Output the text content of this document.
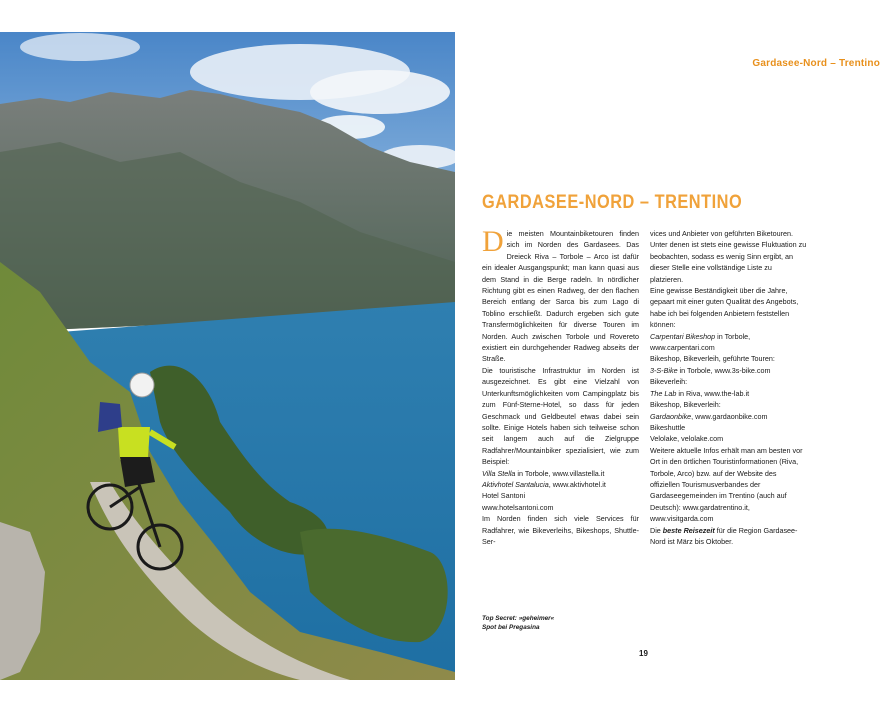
Gardasee-Nord – Trentino
GARDASEE-NORD – TRENTINO

Die meisten Mountainbiketouren finden sich im Norden des Gardasees. Das Dreieck Riva – Torbole – Arco ist dafür ein idealer Ausgangspunkt; man kann quasi aus dem Stand in die Berge radeln. In nördlicher Richtung gibt es einen Radweg, der den flachen Bereich entlang der Sarca bis zum Lago di Toblino erschließt. Dadurch ergeben sich gute Transfermöglichkeiten für diverse Touren im Norden. Auch zwischen Torbole und Rovereto existiert ein durchgehender Radweg abseits der Straße.

Die touristische Infrastruktur im Norden ist ausgezeichnet. Es gibt eine Vielzahl von Unterkunftsmöglichkeiten vom Campingplatz bis zum Fünf-Sterne-Hotel, so dass für jeden Geschmack und Geldbeutel etwas dabei sein sollte. Einige Hotels haben sich teilweise schon seit langem auch auf die Zielgruppe Radfahrer/Mountainbiker spezialisiert, wie zum Beispiel:

Villa Stella in Torbole, www.villastella.it

Aktivhotel Santalucia, www.aktivhotel.it

Hotel Santoni

www.hotelsantoni.com

Im Norden finden sich viele Services für Radfahrer, wie Bikeverleihs, Bikeshops, Shuttle-Ser-

vices und Anbieter von geführten Biketouren. Unter denen ist stets eine gewisse Fluktuation zu beobachten, sodass es wenig Sinn ergibt, an dieser Stelle eine vollständige Liste zu platzieren.

Eine gewisse Beständigkeit über die Jahre, gepaart mit einer guten Qualität des Angebots, habe ich bei folgenden Anbietern feststellen können:

Carpentari Bikeshop in Torbole,

www.carpentari.com

Bikeshop, Bikeverleih, geführte Touren:

3-S-Bike in Torbole, www.3s-bike.com

Bikeverleih:

The Lab in Riva, www.the-lab.it

Bikeshop, Bikeverleih:

Gardaonbike, www.gardaonbike.com

Bikeshuttle

Velolake, velolake.com

Weitere aktuelle Infos erhält man am besten vor Ort in den örtlichen Touristinformationen (Riva, Torbole, Arco) bzw. auf der Website des offiziellen Tourismusverbandes der Gardaseegemeinden im Trentino (auch auf Deutsch): www.gardatrentino.it, www.visitgarda.com

Die beste Reisezeit für die Region Gardasee-Nord ist März bis Oktober.

Top Secret: »geheimer«
Spot bei Pregasina
19
